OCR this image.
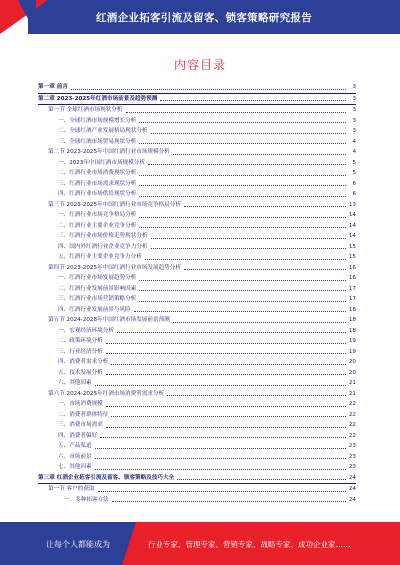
红酒企业拓客引流及留客、锁客策略研究报告
内容目录
第一章 前言	3
第二章 2023-2025年红酒市场前景及趋势预测	3
第一节 全球红酒市场现状分析	3
一、全球红酒市场规模增长分析	3
二、全球红酒产业发展格局现状分析	3
三、全球红酒市场贸易现状分析	4
第二节 2023-2025年中国红酒行业市场规模分析	4
一、2023年中国红酒市场规模分析	5
二、红酒行业市场消费现状分析	5
三、红酒行业市场需求现状分析	6
四、红酒行业市场供给现状分析	6
第三节 2023-2025年中国红酒行业市场竞争格局分析	13
一、红酒行业市场竞争格局分析	14
二、红酒行业主要企业竞争分析	14
三、红酒行业市场价格走势现状分析	14
四、国内外红酒行业企业竞争力分析	15
五、红酒行业主要企业竞争力分析	15
第四节 2023-2025年中国红酒行业市场发展趋势分析	16
一、红酒行业市场发展趋势分析	16
二、红酒行业发展前景影响因素	17
三、红酒行业市场营销策略分析	17
四、红酒行业发展前景与风险	18
第五节 2024-2028年中国红酒市场发展前景预测	18
一、宏观经济环境分析	18
二、政策环境分析	19
三、行业经济分析	19
四、消费者需求分析	20
五、技术发展分析	20
六、其他因素	21
第六节 2024-2025年红酒市场消费者需求分析	21
一、市场消费规模	22
二、消费者群体特征	22
三、消费市场需求	22
四、消费者偏好	22
五、产品渠道	23
六、市场前景	23
七、其他因素	23
第三章 红酒企业拓客引流及留客、锁客策略及技巧大全	24
第一节 客户的获取	24
一、多种拓客方法	24
让每个人都能成为	行业专家、管理专家、营销专家、战略专家、成功企业家……
